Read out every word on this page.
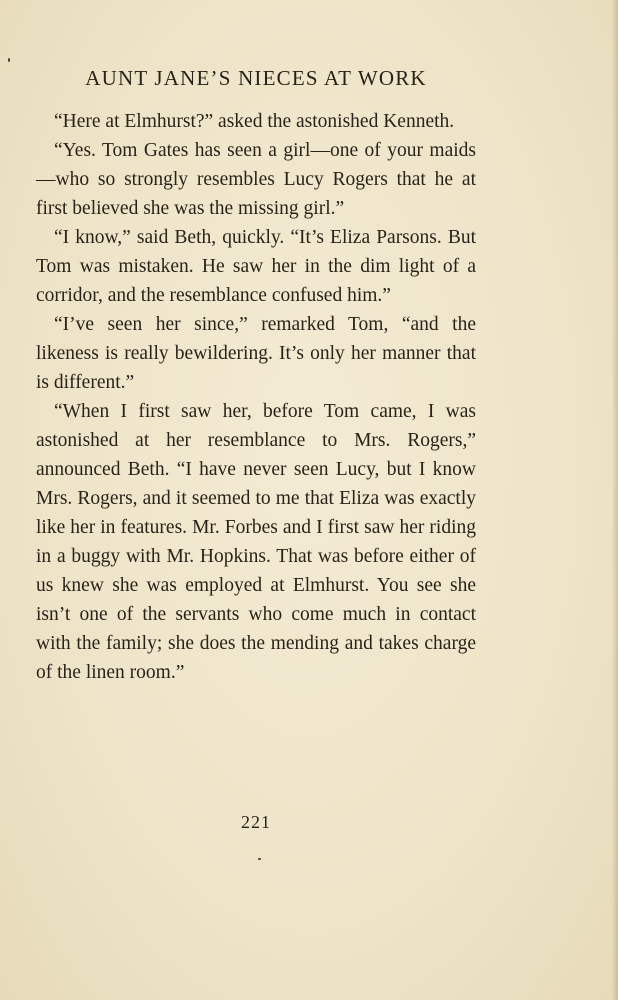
AUNT JANE’S NIECES AT WORK

“Here at Elmhurst?” asked the astonished Kenneth.

“Yes. Tom Gates has seen a girl—one of your maids—who so strongly resembles Lucy Rogers that he at first believed she was the missing girl.”

“I know,” said Beth, quickly. “It’s Eliza Parsons. But Tom was mistaken. He saw her in the dim light of a corridor, and the resemblance confused him.”

“I’ve seen her since,” remarked Tom, “and the likeness is really bewildering. It’s only her manner that is different.”

“When I first saw her, before Tom came, I was astonished at her resemblance to Mrs. Rogers,” announced Beth. “I have never seen Lucy, but I know Mrs. Rogers, and it seemed to me that Eliza was exactly like her in features. Mr. Forbes and I first saw her riding in a buggy with Mr. Hopkins. That was before either of us knew she was employed at Elmhurst. You see she isn’t one of the servants who come much in contact with the family; she does the mending and takes charge of the linen room.”

221
